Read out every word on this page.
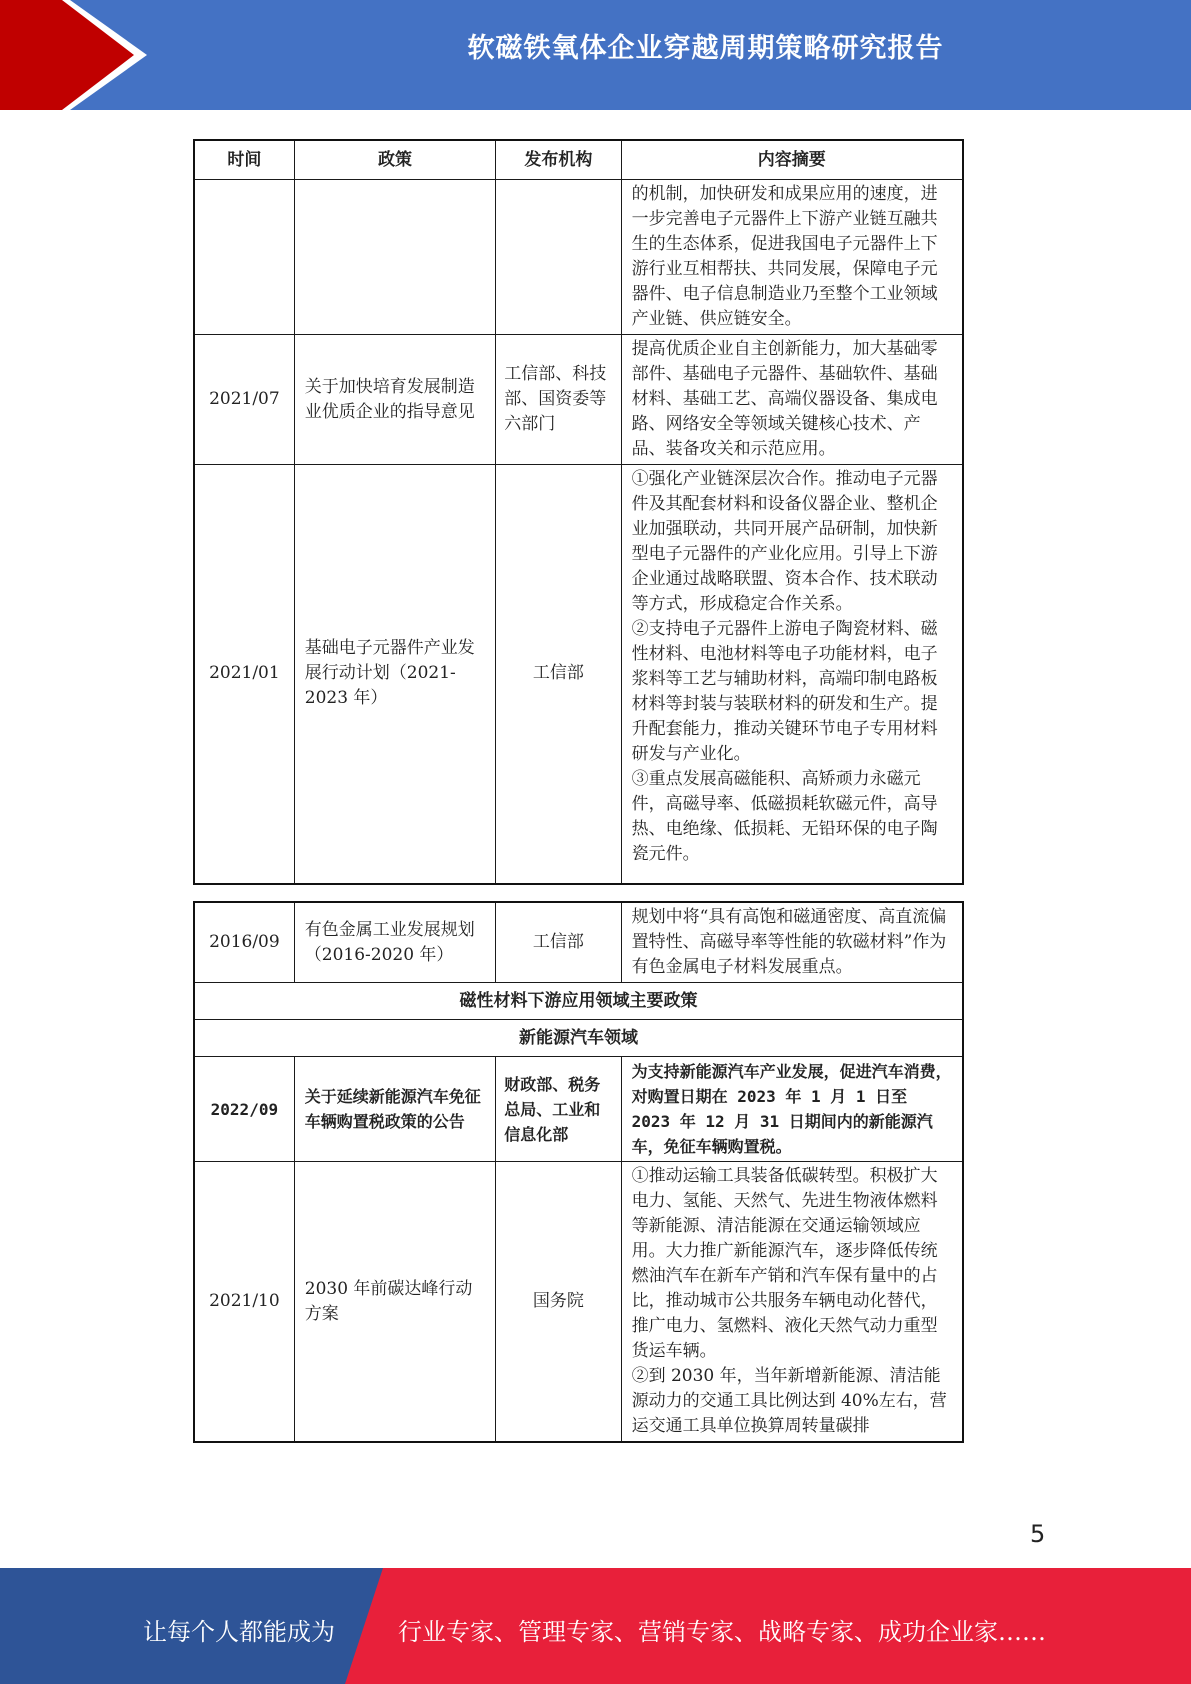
软磁铁氧体企业穿越周期策略研究报告
时间	政策	发布机构	内容摘要

			的机制，加快研发和成果应用的速度，进一步完善电子元器件上下游产业链互融共生的生态体系，促进我国电子元器件上下游行业互相帮扶、共同发展，保障电子元器件、电子信息制造业乃至整个工业领域产业链、供应链安全。

2021/07	关于加快培育发展制造业优质企业的指导意见	工信部、科技部、国资委等六部门	提高优质企业自主创新能力，加大基础零部件、基础电子元器件、基础软件、基础材料、基础工艺、高端仪器设备、集成电路、网络安全等领域关键核心技术、产品、装备攻关和示范应用。

2021/01	基础电子元器件产业发展行动计划（2021-2023 年）	工信部	①强化产业链深层次合作。推动电子元器件及其配套材料和设备仪器企业、整机企业加强联动，共同开展产品研制，加快新型电子元器件的产业化应用。引导上下游企业通过战略联盟、资本合作、技术联动等方式，形成稳定合作关系。

②支持电子元器件上游电子陶瓷材料、磁性材料、电池材料等电子功能材料，电子浆料等工艺与辅助材料，高端印制电路板材料等封装与装联材料的研发和生产。提升配套能力，推动关键环节电子专用材料研发与产业化。

③重点发展高磁能积、高矫顽力永磁元件，高磁导率、低磁损耗软磁元件，高导热、电绝缘、低损耗、无铅环保的电子陶瓷元件。

2016/09	有色金属工业发展规划（2016-2020 年）	工信部	规划中将“具有高饱和磁通密度、高直流偏置特性、高磁导率等性能的软磁材料”作为有色金属电子材料发展重点。

磁性材料下游应用领域主要政策			
新能源汽车领域			
2022/09	关于延续新能源汽车免征车辆购置税政策的公告	财政部、税务总局、工业和信息化部	为支持新能源汽车产业发展，促进汽车消费，对购置日期在 2023 年 1 月 1 日至 2023 年 12 月 31 日期间内的新能源汽车，免征车辆购置税。

2021/10	2030 年前碳达峰行动方案	国务院	①推动运输工具装备低碳转型。积极扩大电力、氢能、天然气、先进生物液体燃料等新能源、清洁能源在交通运输领域应用。大力推广新能源汽车，逐步降低传统燃油汽车在新车产销和汽车保有量中的占比，推动城市公共服务车辆电动化替代，推广电力、氢燃料、液化天然气动力重型货运车辆。

②到 2030 年，当年新增新能源、清洁能源动力的交通工具比例达到 40%左右，营运交通工具单位换算周转量碳排

5
让每个人都能成为	行业专家、管理专家、营销专家、战略专家、成功企业家……
